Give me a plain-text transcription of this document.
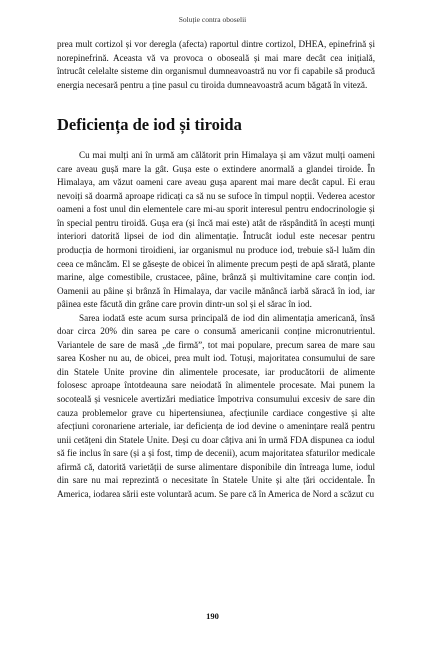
Soluție contra oboselii

prea mult cortizol și vor deregla (afecta) raportul dintre cortizol, DHEA, epinefrină și norepinefrină. Aceasta vă va provoca o oboseală și mai mare decât cea inițială, întrucât celelalte sisteme din organismul dumneavoastră nu vor fi capabile să producă energia necesară pentru a ține pasul cu tiroida dumneavoastră acum băgată în viteză.

Deficiența de iod și tiroida

Cu mai mulți ani în urmă am călătorit prin Himalaya și am văzut mulți oameni care aveau gușă mare la gât. Gușa este o extindere anormală a glandei tiroide. În Himalaya, am văzut oameni care aveau gușa aparent mai mare decât capul. Ei erau nevoiți să doarmă aproape ridicați ca să nu se sufoce în timpul nopții. Vederea acestor oameni a fost unul din elementele care mi-au sporit interesul pentru endocrinologie și în special pentru tiroidă. Gușa era (și încă mai este) atât de răspândită în acești munți interiori datorită lipsei de iod din alimentație. Întrucât iodul este necesar pentru producția de hormoni tiroidieni, iar organismul nu produce iod, trebuie să-l luăm din ceea ce mâncăm. El se găsește de obicei în alimente precum pești de apă sărată, plante marine, alge comestibile, crustacee, pâine, brânză și multivitamine care conțin iod. Oamenii au pâine și brânză în Himalaya, dar vacile mănâncă iarbă săracă în iod, iar pâinea este făcută din grâne care provin dintr-un sol și el sărac în iod.

Sarea iodată este acum sursa principală de iod din alimentația americană, însă doar circa 20% din sarea pe care o consumă americanii conține micronutrientul. Variantele de sare de masă „de firmă”, tot mai populare, precum sarea de mare sau sarea Kosher nu au, de obicei, prea mult iod. Totuși, majoritatea consumului de sare din Statele Unite provine din alimentele procesate, iar producătorii de alimente folosesc aproape întotdeauna sare neiodată în alimentele procesate. Mai punem la socoteală și vesnicele avertizări mediatice împotriva consumului excesiv de sare din cauza problemelor grave cu hipertensiunea, afecțiunile cardiace congestive și alte afecțiuni coronariene arteriale, iar deficiența de iod devine o amenințare reală pentru unii cetățeni din Statele Unite. Deși cu doar câțiva ani în urmă FDA dispunea ca iodul să fie inclus în sare (și a și fost, timp de decenii), acum majoritatea sfaturilor medicale afirmă că, datorită varietății de surse alimentare disponibile din întreaga lume, iodul din sare nu mai reprezintă o necesitate în Statele Unite și alte țări occidentale. În America, iodarea sării este voluntară acum. Se pare că în America de Nord a scăzut cu

190
